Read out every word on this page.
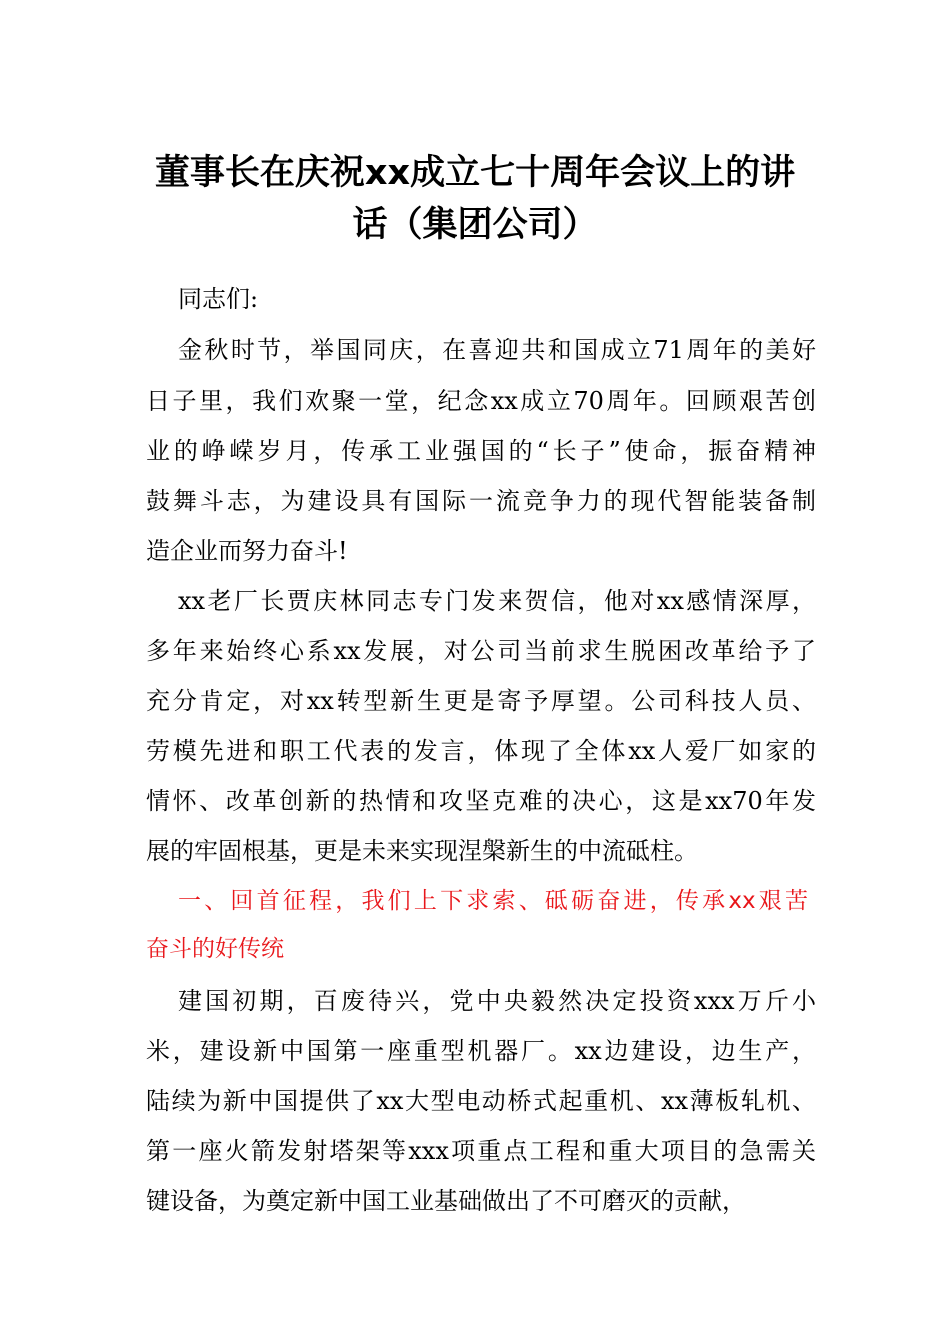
董事长在庆祝xx成立七十周年会议上的讲
话（集团公司）
同志们:
金秋时节，举国同庆，在喜迎共和国成立71周年的美好
日子里，我们欢聚一堂，纪念xx成立70周年。回顾艰苦创
业的峥嵘岁月，传承工业强国的“长子”使命，振奋精神
鼓舞斗志，为建设具有国际一流竞争力的现代智能装备制
造企业而努力奋斗!
xx老厂长贾庆林同志专门发来贺信，他对xx感情深厚，
多年来始终心系xx发展，对公司当前求生脱困改革给予了
充分肯定，对xx转型新生更是寄予厚望。公司科技人员、
劳模先进和职工代表的发言，体现了全体xx人爱厂如家的
情怀、改革创新的热情和攻坚克难的决心，这是xx70年发
展的牢固根基，更是未来实现涅槃新生的中流砥柱。
一、回首征程，我们上下求索、砥砺奋进，传承xx艰苦
奋斗的好传统
建国初期，百废待兴，党中央毅然决定投资xxx万斤小
米，建设新中国第一座重型机器厂。xx边建设，边生产，
陆续为新中国提供了xx大型电动桥式起重机、xx薄板轧机、
第一座火箭发射塔架等xxx项重点工程和重大项目的急需关
键设备，为奠定新中国工业基础做出了不可磨灭的贡献，
